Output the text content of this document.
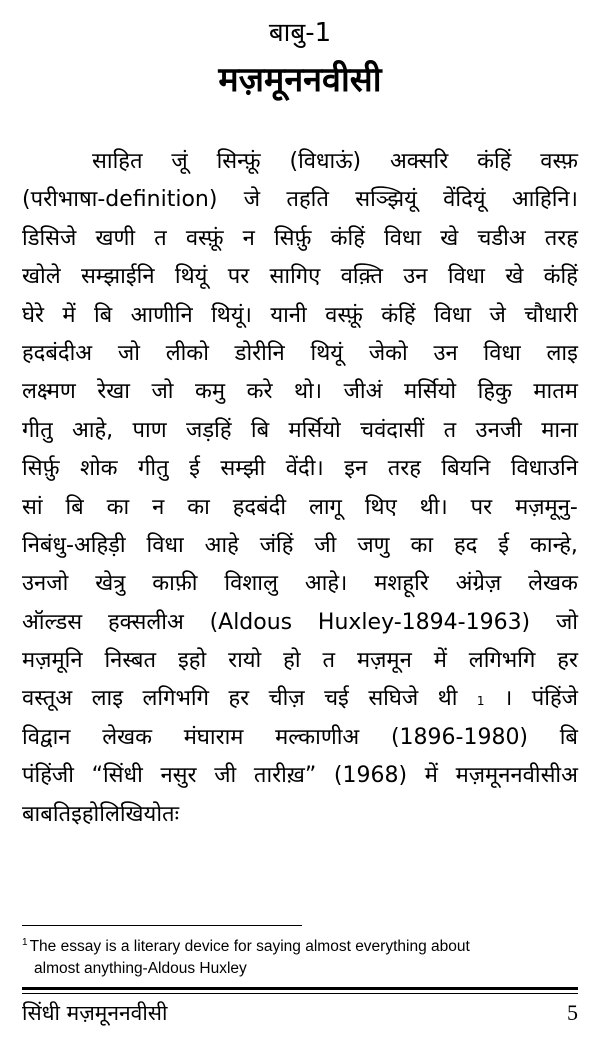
बाबु-1
मज़मूननवीसी
साहित जूं सिन्फ़ूं (विधाऊं) अक्सरि कंहिं वस्फ़
(परीभाषा-definition) जे तहति सञ्झियूं वेंदियूं आहिनि।
डिसिजे खणी त वस्फ़ूं न सिर्फ़ु कंहिं विधा खे चडीअ तरह
खोले सम्झाईनि थियूं पर सागिए वक़्ति उन विधा खे कंहिं
घेरे में बि आणीनि थियूं। यानी वस्फ़ूं कंहिं विधा जे चौधारी
हदबंदीअ जो लीको डोरीनि थियूं जेको उन विधा लाइ
लक्ष्मण रेखा जो कमु करे थो। जीअं मर्सियो हिकु मातम
गीतु आहे, पाण जड़हिं बि मर्सियो चवंदासीं त उनजी माना
सिर्फ़ु शोक गीतु ई सम्झी वेंदी। इन तरह बियनि विधाउनि
सां बि का न का हदबंदी लागू थिए थी। पर मज़मूनु-
निबंधु-अहिड़ी विधा आहे जंहिं जी जणु का हद ई कान्हे,
उनजो खेत्रु काफ़ी विशालु आहे। मशहूरि अंग्रेज़ लेखक
ऑल्डस हक्सलीअ (Aldous Huxley-1894-1963) जो
मज़मूनि निस्बत इहो रायो हो त मज़मून में लगिभगि हर
वस्तूअ लाइ लगिभगि हर चीज़ चई सघिजे थी 1 । पंहिंजे
विद्वान लेखक मंघाराम मल्काणीअ (1896-1980) बि
पंहिंजी “सिंधी नसुर जी तारीख़” (1968) में मज़मूननवीसीअ
बाबति इहो लिखियो तः
$^1$ The essay is a literary device for saying almost everything about
almost anything-Aldous Huxley
सिंधी मज़मूननवीसी	5
